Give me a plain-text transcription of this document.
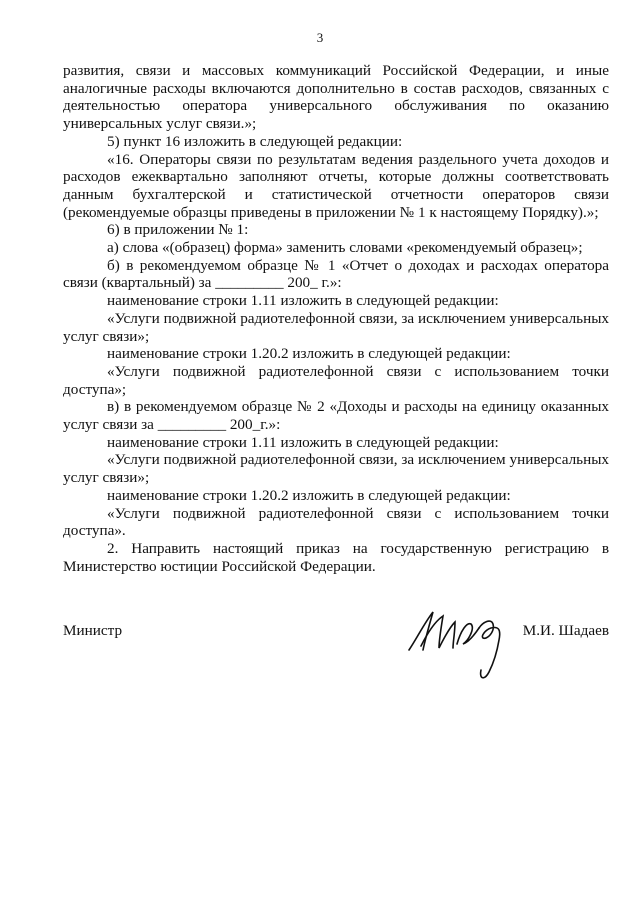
3

развития, связи и массовых коммуникаций Российской Федерации, и иные аналогичные расходы включаются дополнительно в состав расходов, связанных с деятельностью оператора универсального обслуживания по оказанию универсальных услуг связи.»;

5) пункт 16 изложить в следующей редакции:

«16. Операторы связи по результатам ведения раздельного учета доходов и расходов ежеквартально заполняют отчеты, которые должны соответствовать данным бухгалтерской и статистической отчетности операторов связи (рекомендуемые образцы приведены в приложении № 1 к настоящему Порядку).»;

6) в приложении № 1:

а) слова «(образец) форма» заменить словами «рекомендуемый образец»;

б) в рекомендуемом образце № 1 «Отчет о доходах и расходах оператора связи (квартальный) за _________ 200_ г.»:

наименование строки 1.11 изложить в следующей редакции:

«Услуги подвижной радиотелефонной связи, за исключением универсальных услуг связи»;

наименование строки 1.20.2 изложить в следующей редакции:

«Услуги подвижной радиотелефонной связи с использованием точки доступа»;

в) в рекомендуемом образце № 2 «Доходы и расходы на единицу оказанных услуг связи за _________ 200_г.»:

наименование строки 1.11 изложить в следующей редакции:

«Услуги подвижной радиотелефонной связи, за исключением универсальных услуг связи»;

наименование строки 1.20.2 изложить в следующей редакции:

«Услуги подвижной радиотелефонной связи с использованием точки доступа».

2. Направить настоящий приказ на государственную регистрацию в Министерство юстиции Российской Федерации.

Министр	М.И. Шадаев
